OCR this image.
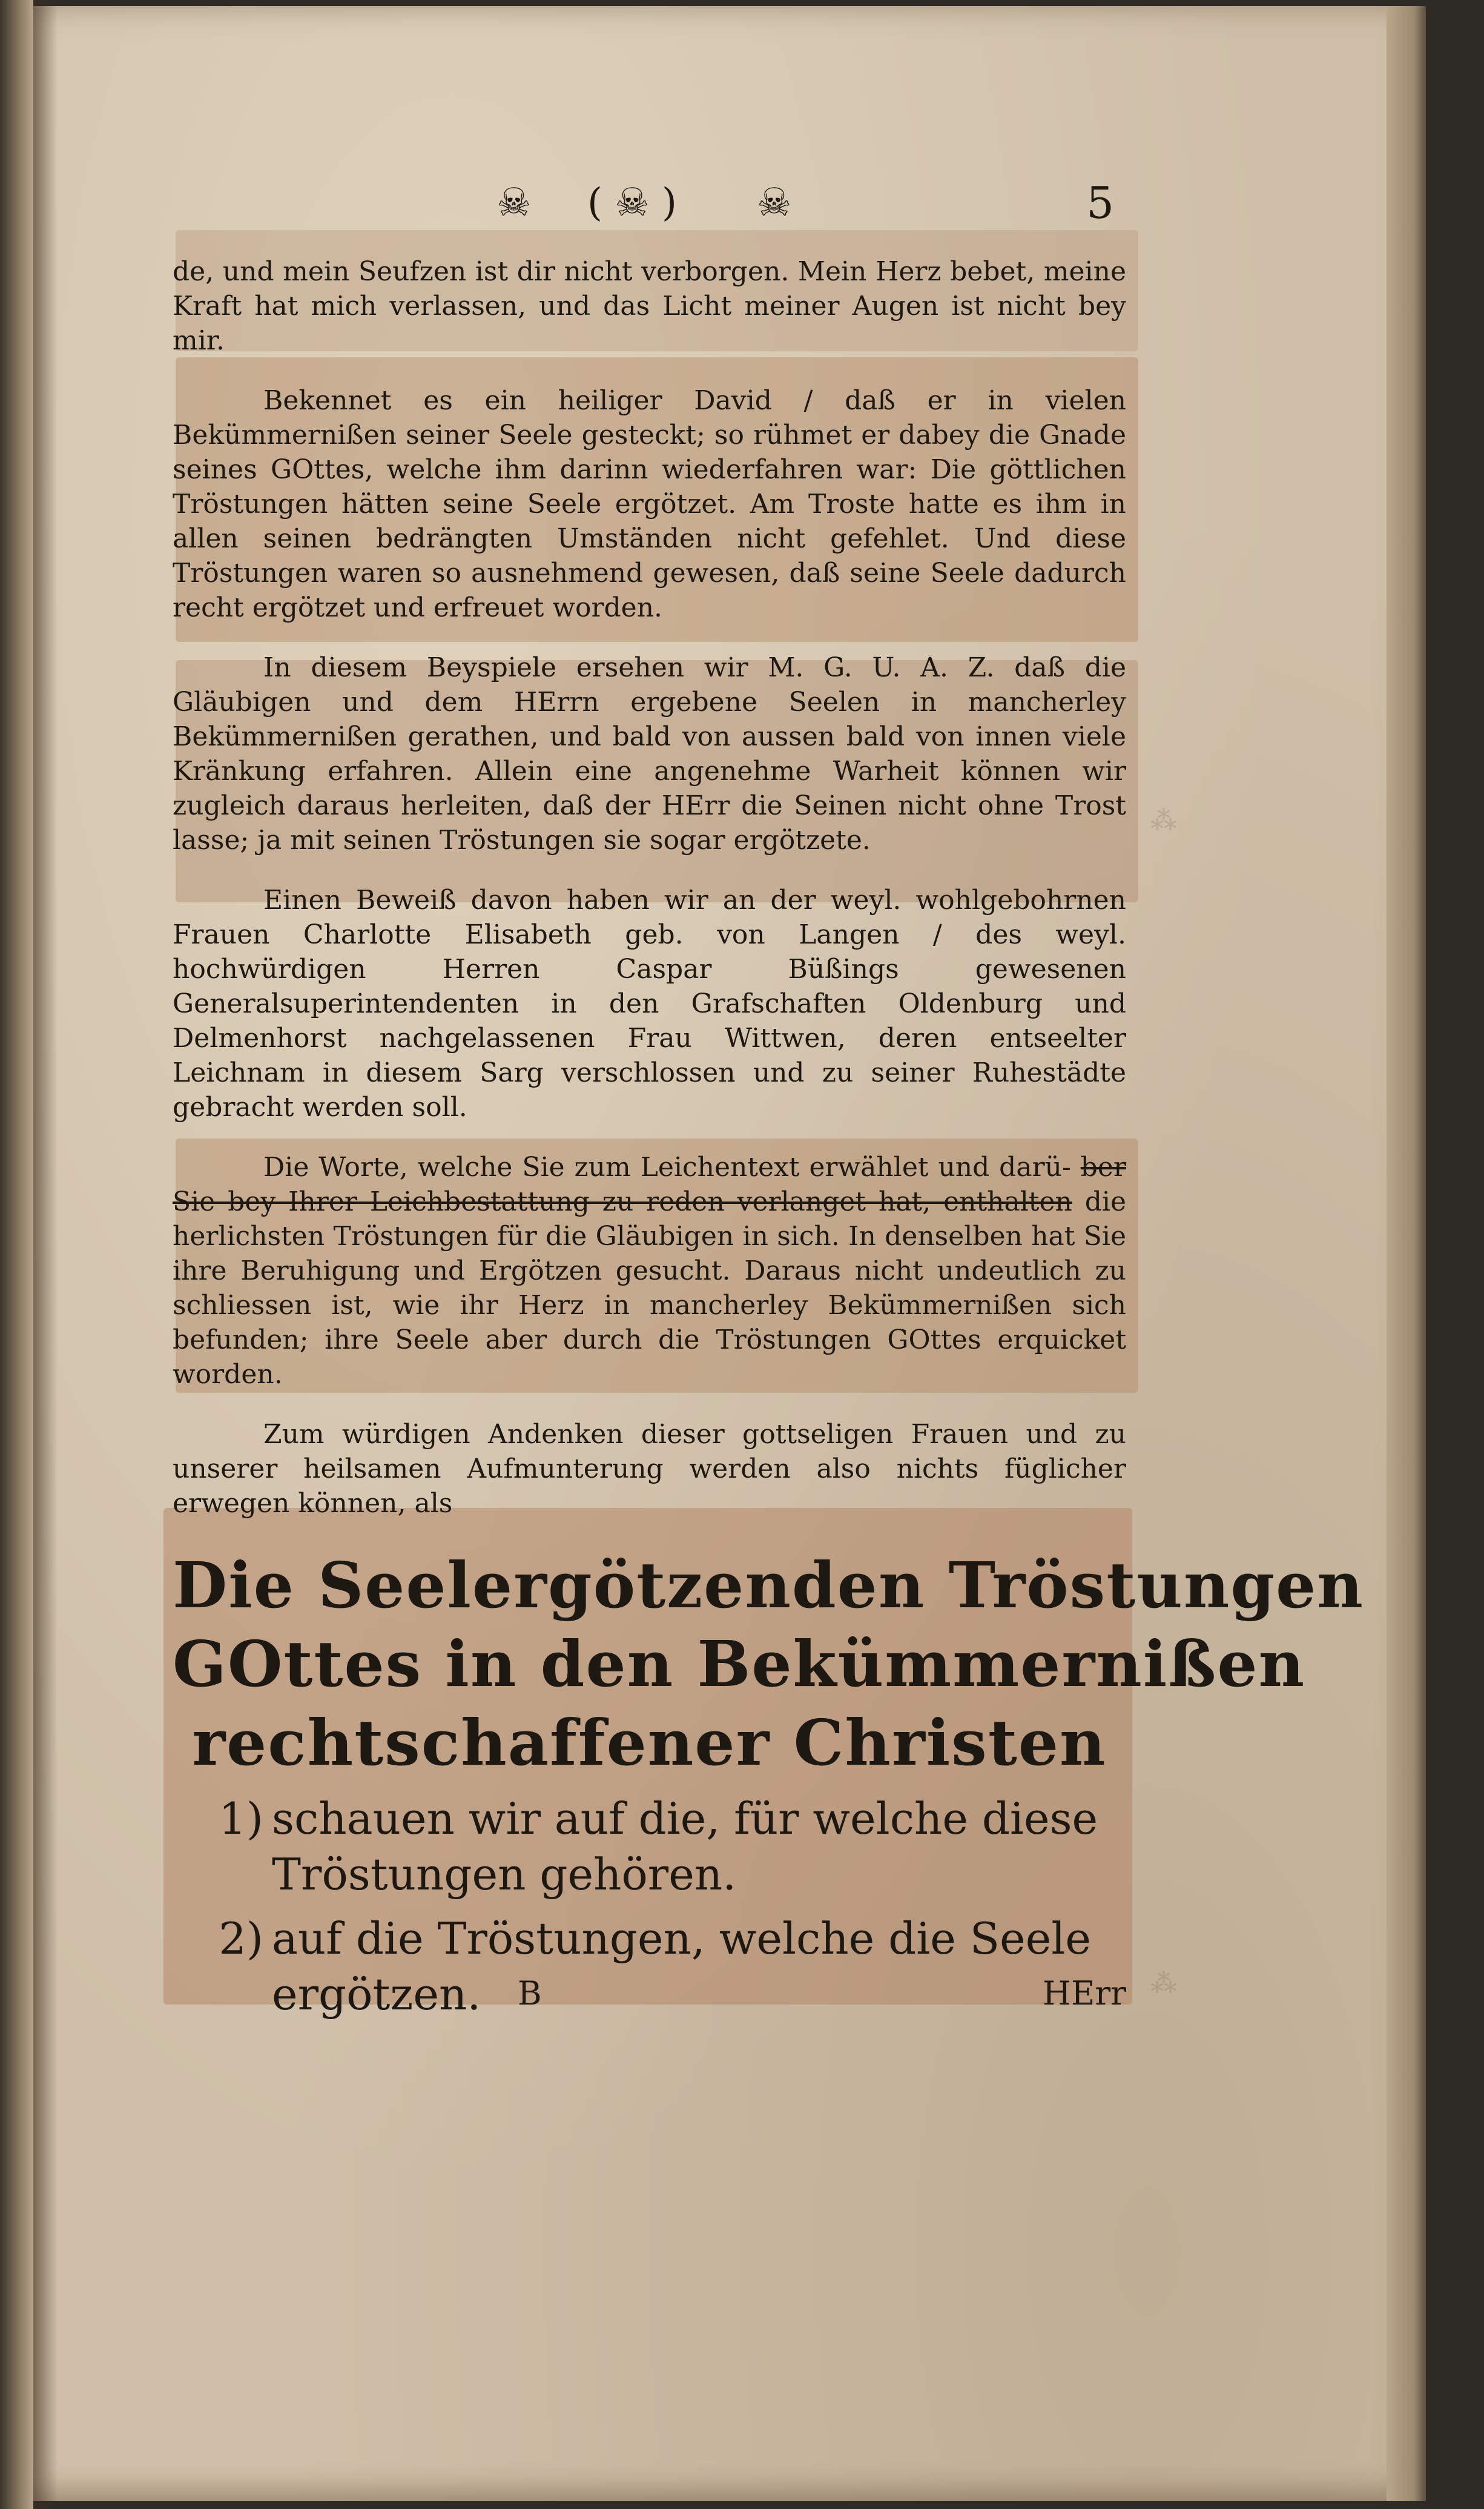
⁂
⁂
☠ ( ☠ ) ☠	5

de, und mein Seufzen ist dir nicht verborgen. Mein Herz bebet, meine Kraft hat mich verlassen, und das Licht meiner Augen ist nicht bey mir.

Bekennet es ein heiliger David / daß er in vielen Bekümmernißen seiner Seele gesteckt; so rühmet er dabey die Gnade seines GOttes, welche ihm darinn wiederfahren war: Die göttlichen Tröstungen hätten seine Seele ergötzet. Am Troste hatte es ihm in allen seinen bedrängten Umständen nicht gefehlet. Und diese Tröstungen waren so ausnehmend gewesen, daß seine Seele dadurch recht ergötzet und erfreuet worden.

In diesem Beyspiele ersehen wir M. G. U. A. Z. daß die Gläubigen und dem HErrn ergebene Seelen in mancherley Bekümmernißen gerathen, und bald von aussen bald von innen viele Kränkung erfahren. Allein eine angenehme Warheit können wir zugleich daraus herleiten, daß der HErr die Seinen nicht ohne Trost lasse; ja mit seinen Tröstungen sie sogar ergötzete.

Einen Beweiß davon haben wir an der weyl. wohlgebohrnen Frauen Charlotte Elisabeth geb. von Langen / des weyl. hochwürdigen Herren Caspar Büßings gewesenen Generalsuperintendenten in den Grafschaften Oldenburg und Delmenhorst nachgelassenen Frau Wittwen, deren entseelter Leichnam in diesem Sarg verschlossen und zu seiner Ruhestädte gebracht werden soll.

Die Worte, welche Sie zum Leichentext erwählet und darü- ber Sie bey Ihrer Leichbestattung zu reden verlanget hat, enthalten die herlichsten Tröstungen für die Gläubigen in sich. In denselben hat Sie ihre Beruhigung und Ergötzen gesucht. Daraus nicht undeutlich zu schliessen ist, wie ihr Herz in mancherley Bekümmernißen sich befunden; ihre Seele aber durch die Tröstungen GOttes erquicket worden.

Zum würdigen Andenken dieser gottseligen Frauen und zu unserer heilsamen Aufmunterung werden also nichts füglicher erwegen können, als

Die Seelergötzenden Tröstungen
GOttes in den Bekümmernißen
rechtschaffener Christen
1) schauen wir auf die, für welche diese
Tröstungen gehören.
2) auf die Tröstungen, welche die Seele
ergötzen.	B	HErr
